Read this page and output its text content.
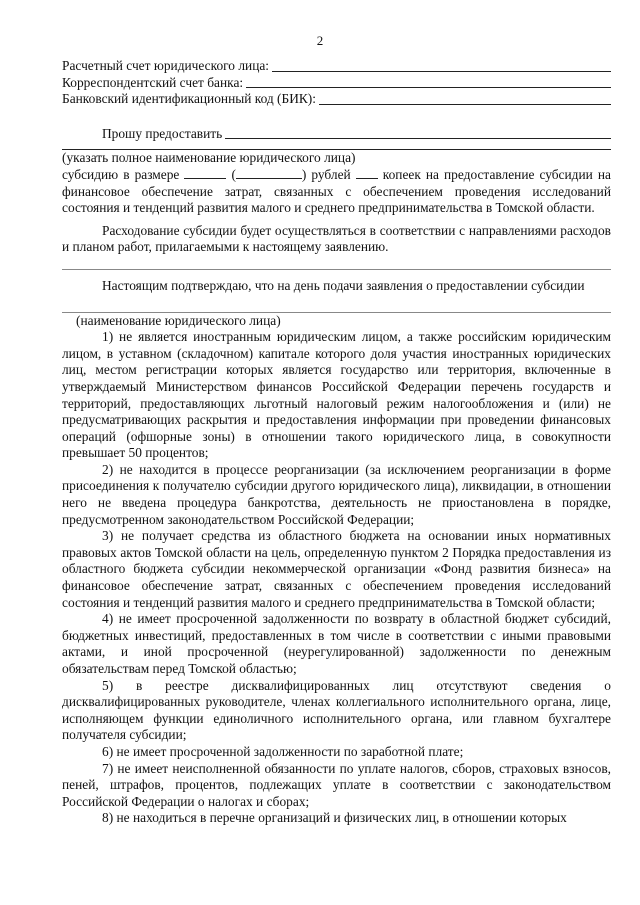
2
Расчетный счет юридического лица:
Корреспондентский счет банка:
Банковский идентификационный код (БИК):
Прошу предоставить

(указать полное наименование юридического лица)

субсидию в размере	(	) рублей копеек на предоставление субсидии на финансовое обеспечение затрат, связанных с обеспечением проведения исследований состояния и тенденций развития малого и среднего предпринимательства в Томской области.

Расходование субсидии будет осуществляться в соответствии с направлениями расходов и планом работ, прилагаемыми к настоящему заявлению.

Настоящим подтверждаю, что на день подачи заявления о предоставлении субсидии

(наименование юридического лица)

1) не является иностранным юридическим лицом, а также российским юридическим лицом, в уставном (складочном) капитале которого доля участия иностранных юридических лиц, местом регистрации которых является государство или территория, включенные в утверждаемый Министерством финансов Российской Федерации перечень государств и территорий, предоставляющих льготный налоговый режим налогообложения и (или) не предусматривающих раскрытия и предоставления информации при проведении финансовых операций (офшорные зоны) в отношении такого юридического лица, в совокупности превышает 50 процентов;

2) не находится в процессе реорганизации (за исключением реорганизации в форме присоединения к получателю субсидии другого юридического лица), ликвидации, в отношении него не введена процедура банкротства, деятельность не приостановлена в порядке, предусмотренном законодательством Российской Федерации;

3) не получает средства из областного бюджета на основании иных нормативных правовых актов Томской области на цель, определенную пунктом 2 Порядка предоставления из областного бюджета субсидии некоммерческой организации «Фонд развития бизнеса» на финансовое обеспечение затрат, связанных с обеспечением проведения исследований состояния и тенденций развития малого и среднего предпринимательства в Томской области;

4) не имеет просроченной задолженности по возврату в областной бюджет субсидий, бюджетных инвестиций, предоставленных в том числе в соответствии с иными правовыми актами, и иной просроченной (неурегулированной) задолженности по денежным обязательствам перед Томской областью;

5) в реестре дисквалифицированных лиц отсутствуют сведения о дисквалифицированных руководителе, членах коллегиального исполнительного органа, лице, исполняющем функции единоличного исполнительного органа, или главном бухгалтере получателя субсидии;

6) не имеет просроченной задолженности по заработной плате;

7) не имеет неисполненной обязанности по уплате налогов, сборов, страховых взносов, пеней, штрафов, процентов, подлежащих уплате в соответствии с законодательством Российской Федерации о налогах и сборах;

8) не находиться в перечне организаций и физических лиц, в отношении которых
